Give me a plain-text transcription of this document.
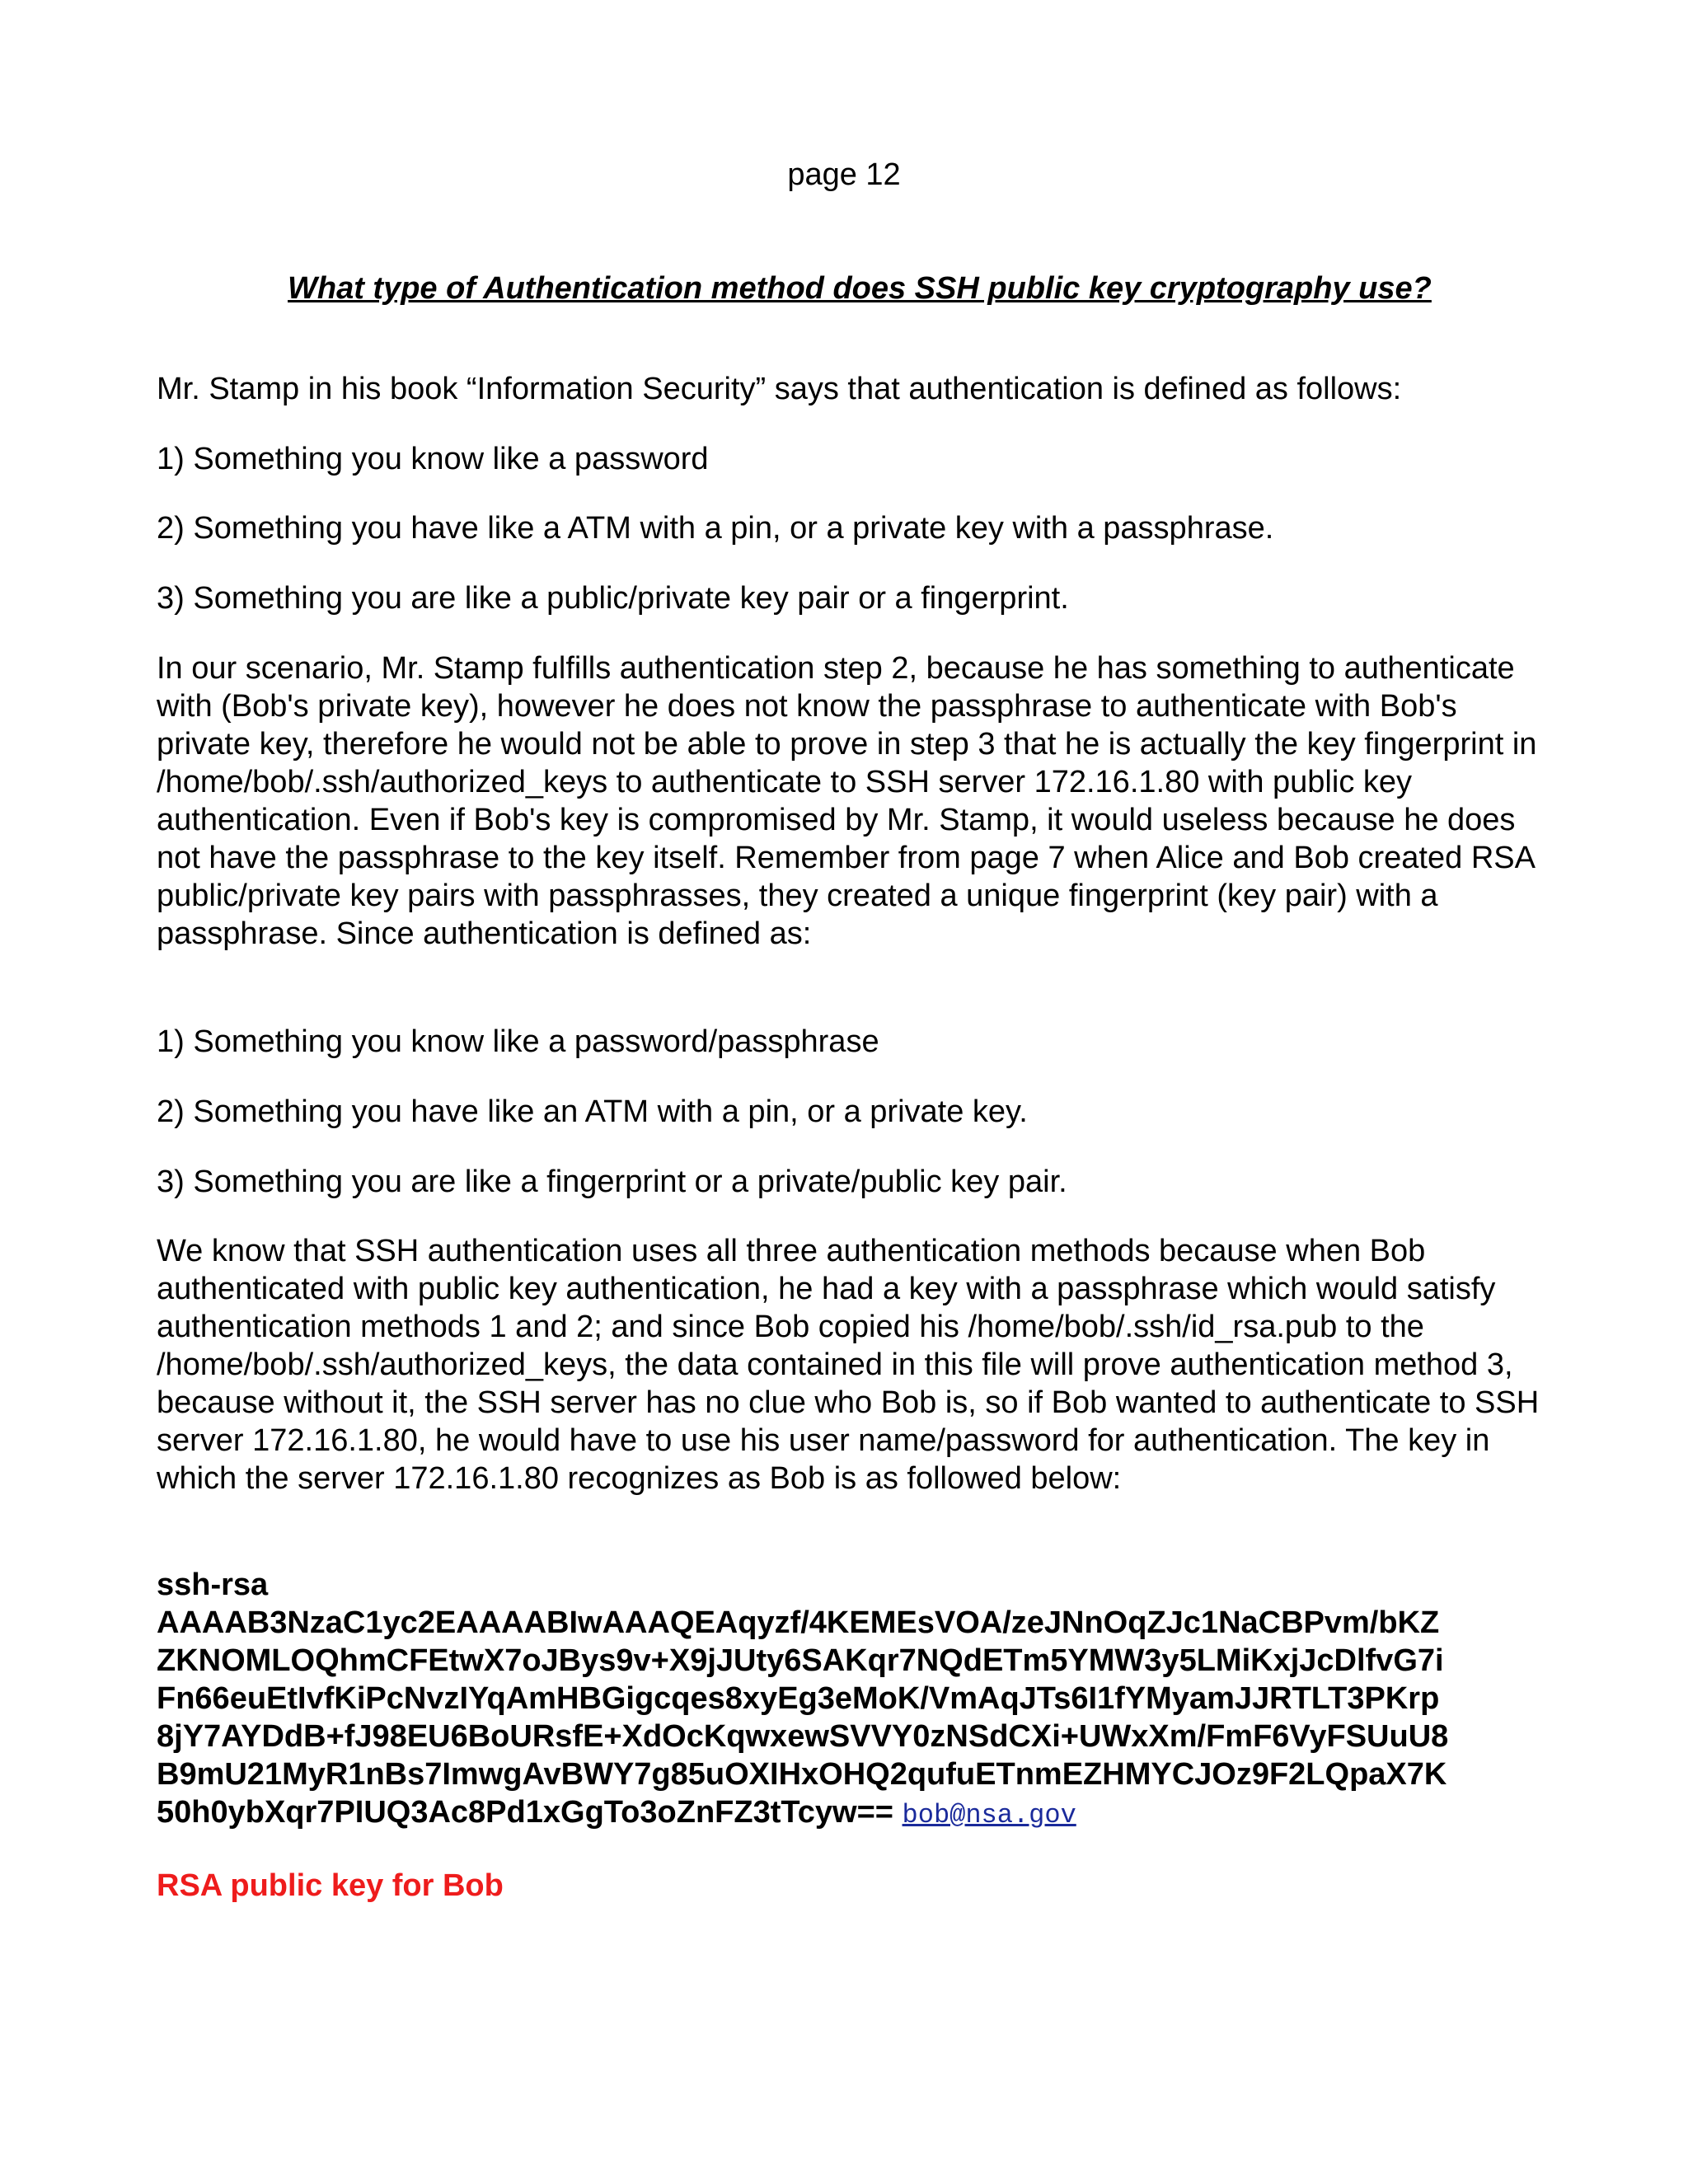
page 12
What type of Authentication method does SSH public key cryptography use?
Mr. Stamp in his book “Information Security” says that authentication is defined as follows:
1) Something you know like a password
2) Something you have like a ATM with a pin, or a private key with a passphrase.
3) Something you are like a public/private key pair or a fingerprint.
In our scenario, Mr. Stamp fulfills authentication step 2, because he has something to authenticate with (Bob's private key), however he does not know the passphrase to authenticate with Bob's private key, therefore he would not be able to prove in step 3 that he is actually the key fingerprint in /home/bob/.ssh/authorized_keys to authenticate to SSH server 172.16.1.80 with public key authentication. Even if Bob's key is compromised by Mr. Stamp, it would useless because he does not have the passphrase to the key itself. Remember from page 7 when Alice and Bob created RSA public/private key pairs with passphrasses, they created a unique fingerprint (key pair) with a passphrase. Since authentication is defined as:
1) Something you know like a password/passphrase
2) Something you have like an ATM with a pin, or a private key.
3) Something you are like a fingerprint or a private/public key pair.
We know that SSH authentication uses all three authentication methods because when Bob authenticated with public key authentication, he had a key with a passphrase which would satisfy authentication methods 1 and 2; and since Bob copied his /home/bob/.ssh/id_rsa.pub to the /home/bob/.ssh/authorized_keys, the data contained in this file will prove authentication method 3, because without it, the SSH server has no clue who Bob is, so if Bob wanted to authenticate to SSH server 172.16.1.80, he would have to use his user name/password for authentication. The key in which the server 172.16.1.80 recognizes as Bob is as followed below:
ssh-rsa
AAAAB3NzaC1yc2EAAAABIwAAAQEAqyzf/4KEMEsVOA/zeJNnOqZJc1NaCBPvm/bKZ
ZKNOMLOQhmCFEtwX7oJBys9v+X9jJUty6SAKqr7NQdETm5YMW3y5LMiKxjJcDlfvG7i
Fn66euEtIvfKiPcNvzIYqAmHBGigcqes8xyEg3eMoK/VmAqJTs6I1fYMyamJJRTLT3PKrp
8jY7AYDdB+fJ98EU6BoURsfE+XdOcKqwxewSVVY0zNSdCXi+UWxXm/FmF6VyFSUuU8
B9mU21MyR1nBs7ImwgAvBWY7g85uOXIHxOHQ2qufuETnmEZHMYCJOz9F2LQpaX7K
50h0ybXqr7PIUQ3Ac8Pd1xGgTo3oZnFZ3tTcyw== bob@nsa.gov
RSA public key for Bob
